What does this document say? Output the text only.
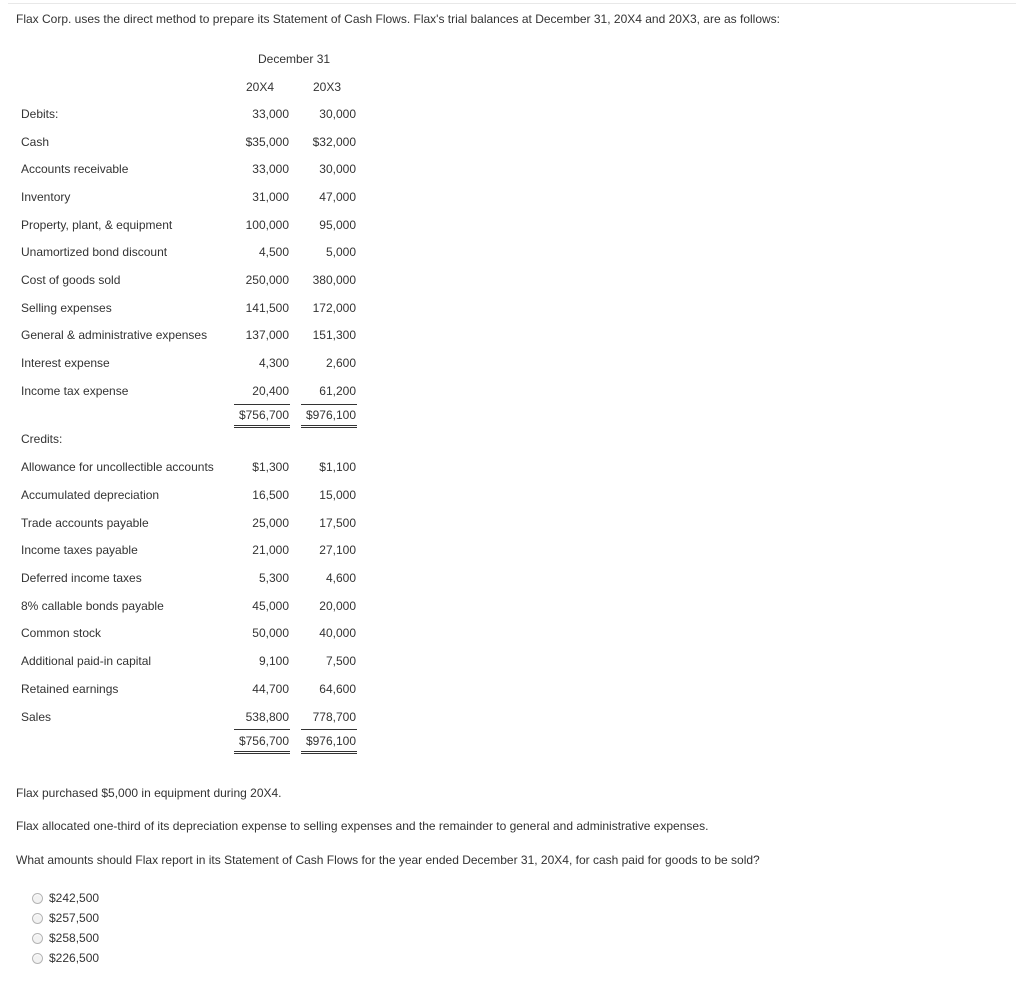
Flax Corp. uses the direct method to prepare its Statement of Cash Flows. Flax's trial balances at December 31, 20X4 and 20X3, are as follows:
December 31
20X4	20X3
Debits:	33,000	30,000
Cash	$35,000 $32,000
Accounts receivable	33,000	30,000
Inventory	31,000	47,000
Property, plant, & equipment	100,000	95,000
Unamortized bond discount	4,500	5,000
Cost of goods sold	250,000 380,000
Selling expenses	141,500 172,000
General & administrative expenses	137,000 151,300
Interest expense	4,300	2,600
Income tax expense	20,400	61,200
$756,700 $976,100
Credits:
Allowance for uncollectible accounts	$1,300	$1,100
Accumulated depreciation	16,500	15,000
Trade accounts payable	25,000	17,500
Income taxes payable	21,000	27,100
Deferred income taxes	5,300	4,600
8% callable bonds payable	45,000	20,000
Common stock	50,000	40,000
Additional paid-in capital	9,100	7,500
Retained earnings	44,700	64,600
Sales	538,800 778,700
$756,700 $976,100
Flax purchased $5,000 in equipment during 20X4.
Flax allocated one-third of its depreciation expense to selling expenses and the remainder to general and administrative expenses.
What amounts should Flax report in its Statement of Cash Flows for the year ended December 31, 20X4, for cash paid for goods to be sold?
$242,500
$257,500
$258,500
$226,500
